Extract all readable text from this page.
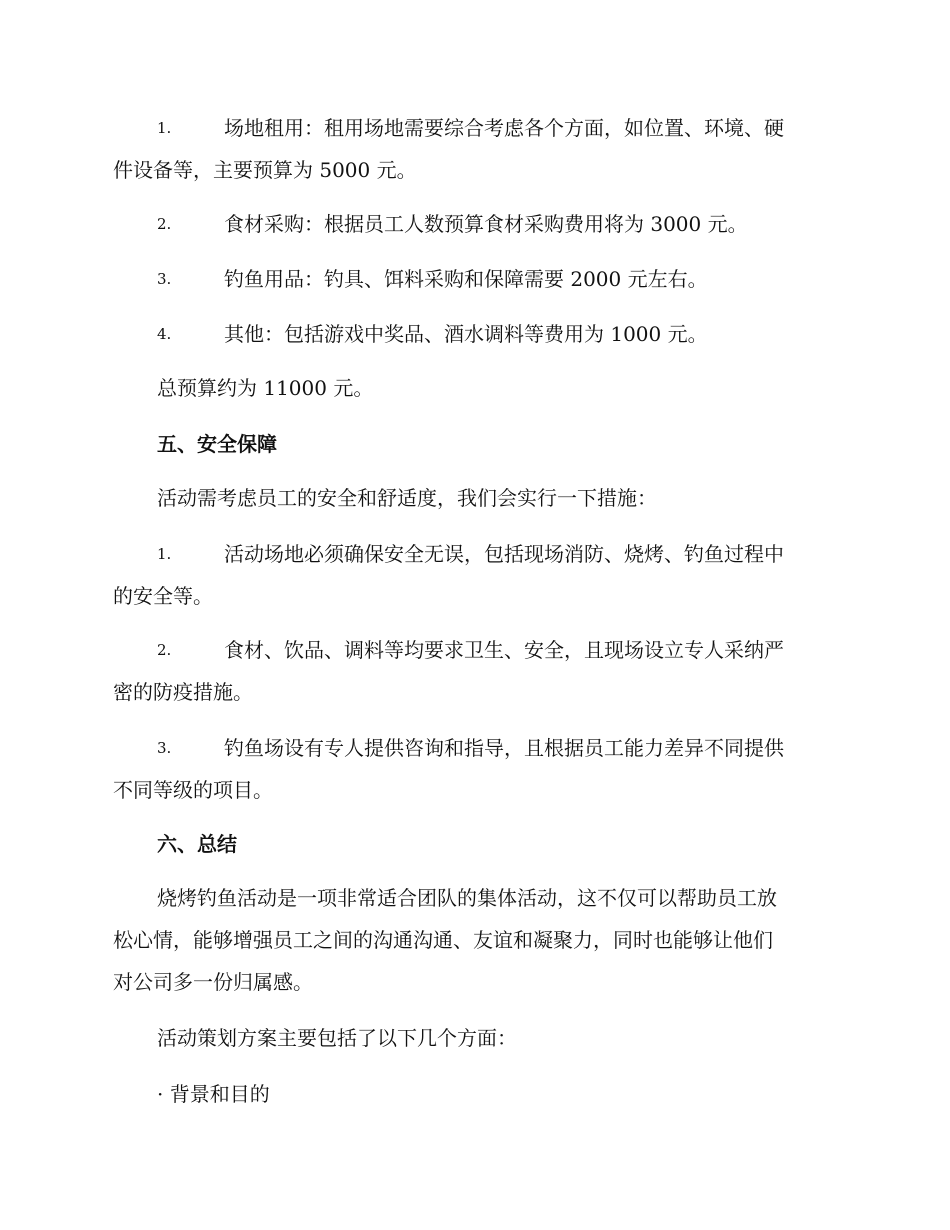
1.	场地租用：租用场地需要综合考虑各个方面，如位置、环境、硬
件设备等，主要预算为 5000 元。
2.	食材采购：根据员工人数预算食材采购费用将为 3000 元。
3.	钓鱼用品：钓具、饵料采购和保障需要 2000 元左右。
4.	其他：包括游戏中奖品、酒水调料等费用为 1000 元。
总预算约为 11000 元。
五、安全保障
活动需考虑员工的安全和舒适度，我们会实行一下措施：
1.	活动场地必须确保安全无误，包括现场消防、烧烤、钓鱼过程中
的安全等。
2.	食材、饮品、调料等均要求卫生、安全，且现场设立专人采纳严
密的防疫措施。
3.	钓鱼场设有专人提供咨询和指导，且根据员工能力差异不同提供
不同等级的项目。
六、总结
烧烤钓鱼活动是一项非常适合团队的集体活动，这不仅可以帮助员工放
松心情，能够增强员工之间的沟通沟通、友谊和凝聚力，同时也能够让他们
对公司多一份归属感。
活动策划方案主要包括了以下几个方面：
· 背景和目的
